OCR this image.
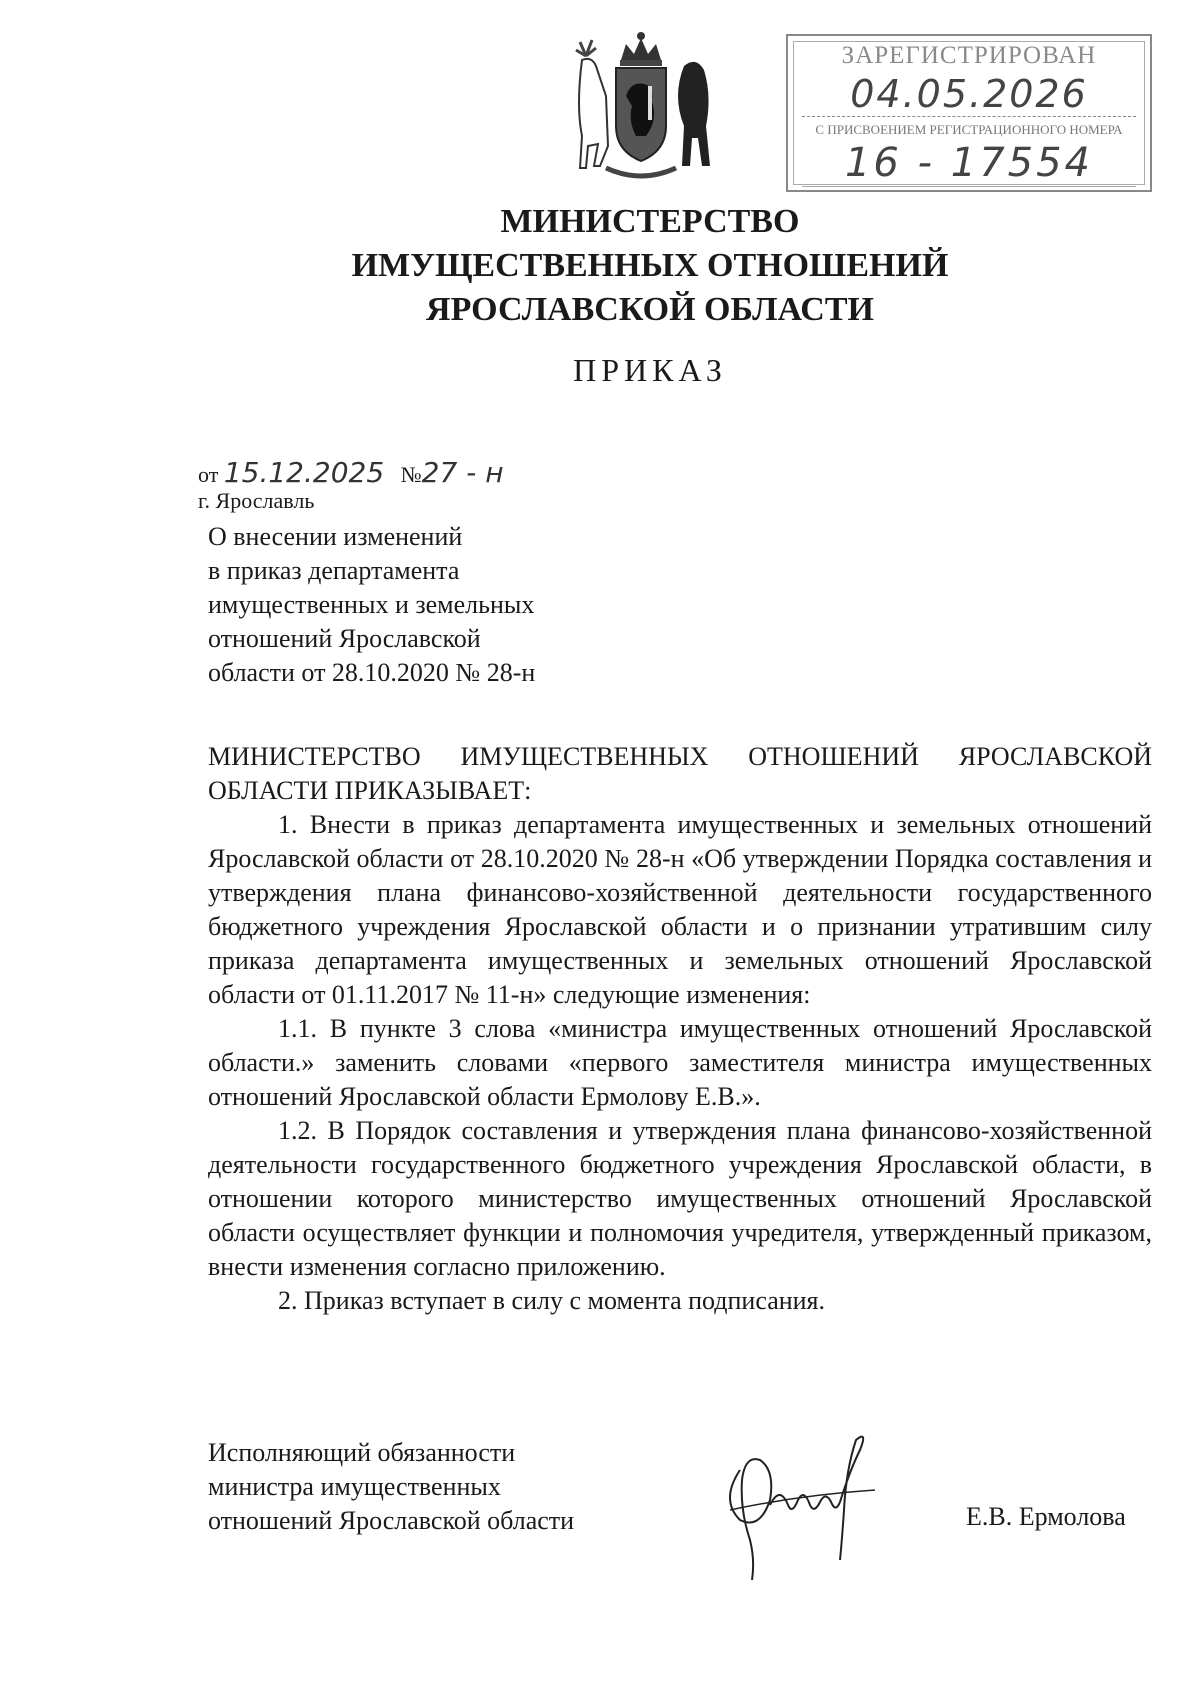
ЗАРЕГИСТРИРОВАН
04.05.2026
С ПРИСВОЕНИЕМ РЕГИСТРАЦИОННОГО НОМЕРА
16 - 17554
МИНИСТЕРСТВО
ИМУЩЕСТВЕННЫХ ОТНОШЕНИЙ
ЯРОСЛАВСКОЙ ОБЛАСТИ
ПРИКАЗ
от 15.12.2025 №27 - н
г. Ярославль
О внесении изменений
в приказ департамента
имущественных и земельных
отношений Ярославской
области от 28.10.2020 № 28-н

МИНИСТЕРСТВО ИМУЩЕСТВЕННЫХ ОТНОШЕНИЙ ЯРОСЛАВСКОЙ

ОБЛАСТИ ПРИКАЗЫВАЕТ:

1. Внести в приказ департамента имущественных и земельных отношений Ярославской области от 28.10.2020 № 28-н «Об утверждении Порядка составления и утверждения плана финансово-хозяйственной деятельности государственного бюджетного учреждения Ярославской области и о признании утратившим силу приказа департамента имущественных и земельных отношений Ярославской области от 01.11.2017 № 11-н» следующие изменения:

1.1. В пункте 3 слова «министра имущественных отношений Ярославской области.» заменить словами «первого заместителя министра имущественных отношений Ярославской области Ермолову Е.В.».

1.2. В Порядок составления и утверждения плана финансово-хозяйственной деятельности государственного бюджетного учреждения Ярославской области, в отношении которого министерство имущественных отношений Ярославской области осуществляет функции и полномочия учредителя, утвержденный приказом, внести изменения согласно приложению.

2. Приказ вступает в силу с момента подписания.

Исполняющий обязанности
министра имущественных
отношений Ярославской области	Е.В. Ермолова
